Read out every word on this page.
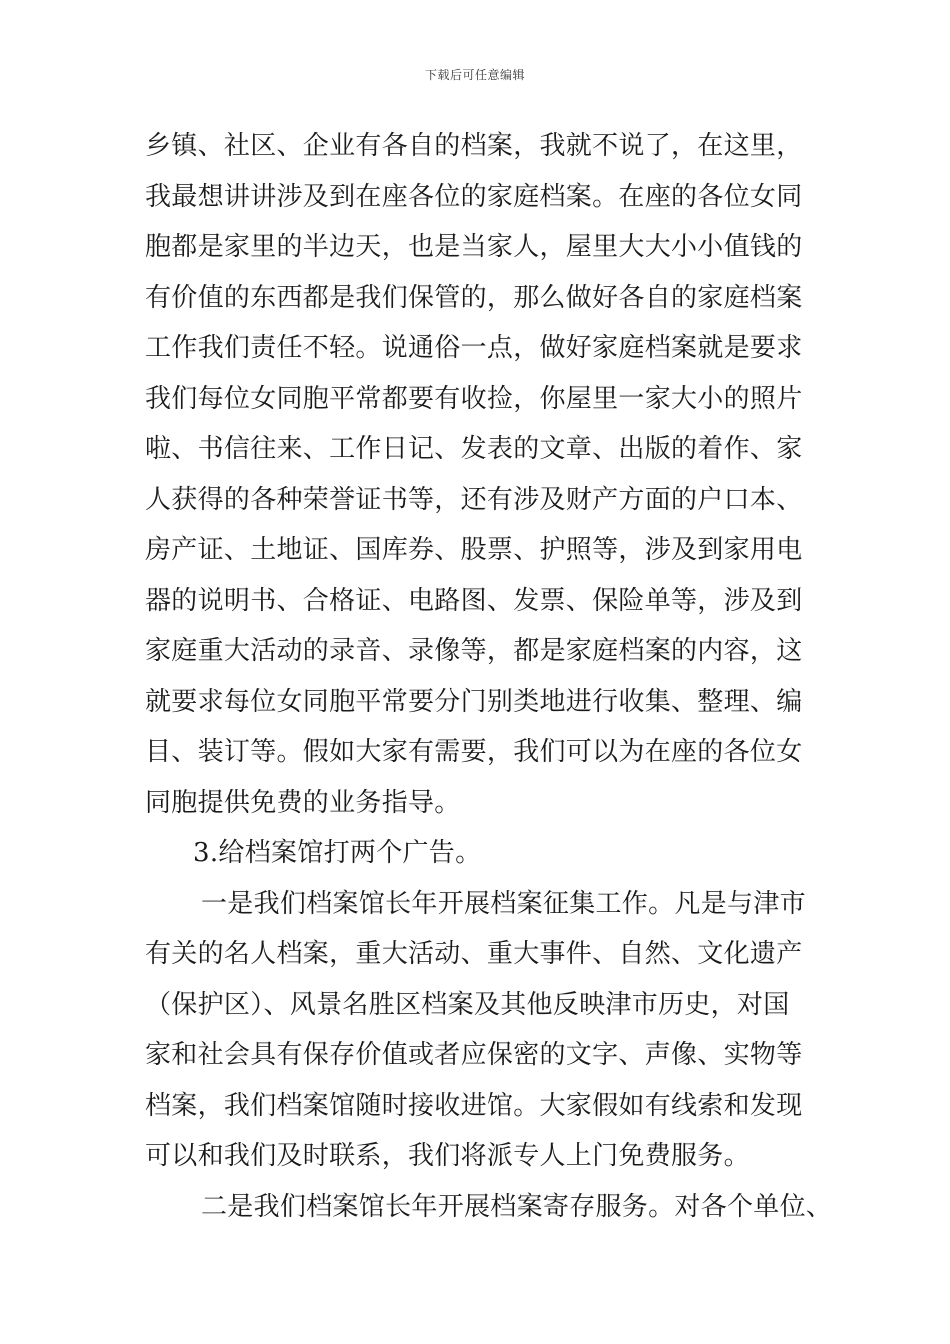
下载后可任意编辑
乡镇、社区、企业有各自的档案，我就不说了，在这里，
我最想讲讲涉及到在座各位的家庭档案。在座的各位女同
胞都是家里的半边天，也是当家人，屋里大大小小值钱的
有价值的东西都是我们保管的，那么做好各自的家庭档案
工作我们责任不轻。说通俗一点，做好家庭档案就是要求
我们每位女同胞平常都要有收捡，你屋里一家大小的照片
啦、书信往来、工作日记、发表的文章、出版的着作、家
人获得的各种荣誉证书等，还有涉及财产方面的户口本、
房产证、土地证、国库券、股票、护照等，涉及到家用电
器的说明书、合格证、电路图、发票、保险单等，涉及到
家庭重大活动的录音、录像等，都是家庭档案的内容，这
就要求每位女同胞平常要分门别类地进行收集、整理、编
目、装订等。假如大家有需要，我们可以为在座的各位女
同胞提供免费的业务指导。
3.给档案馆打两个广告。
一是我们档案馆长年开展档案征集工作。凡是与津市
有关的名人档案，重大活动、重大事件、自然、文化遗产
（保护区）、风景名胜区档案及其他反映津市历史，对国
家和社会具有保存价值或者应保密的文字、声像、实物等
档案，我们档案馆随时接收进馆。大家假如有线索和发现
可以和我们及时联系，我们将派专人上门免费服务。
二是我们档案馆长年开展档案寄存服务。对各个单位、
